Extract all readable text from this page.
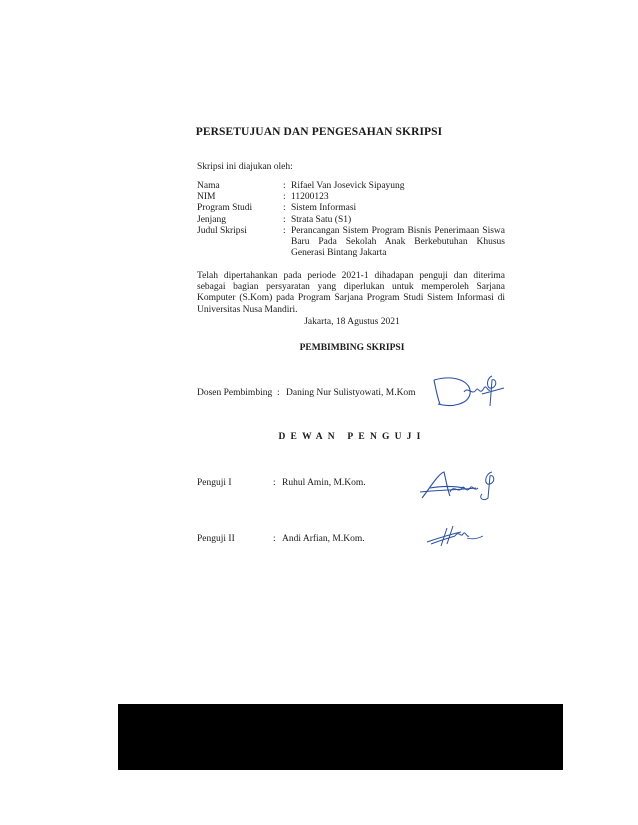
PERSETUJUAN DAN PENGESAHAN SKRIPSI
Skripsi ini diajukan oleh:
Nama	: Rifael Van Josevick Sipayung
NIM	: 11200123
Program Studi	: Sistem Informasi
Jenjang	: Strata Satu (S1)
Judul Skripsi	: Perancangan Sistem Program Bisnis Penerimaan Siswa Baru Pada Sekolah Anak Berkebutuhan Khusus Generasi Bintang Jakarta
Telah dipertahankan pada periode 2021-1 dihadapan penguji dan diterima sebagai bagian persyaratan yang diperlukan untuk memperoleh Sarjana Komputer (S.Kom) pada Program Sarjana Program Studi Sistem Informasi di Universitas Nusa Mandiri.
Jakarta, 18 Agustus 2021
PEMBIMBING SKRIPSI
Dosen Pembimbing : Daning Nur Sulistyowati, M.Kom
DEWAN PENGUJI
Penguji I	: Ruhul Amin, M.Kom.
Penguji II	: Andi Arfian, M.Kom.
